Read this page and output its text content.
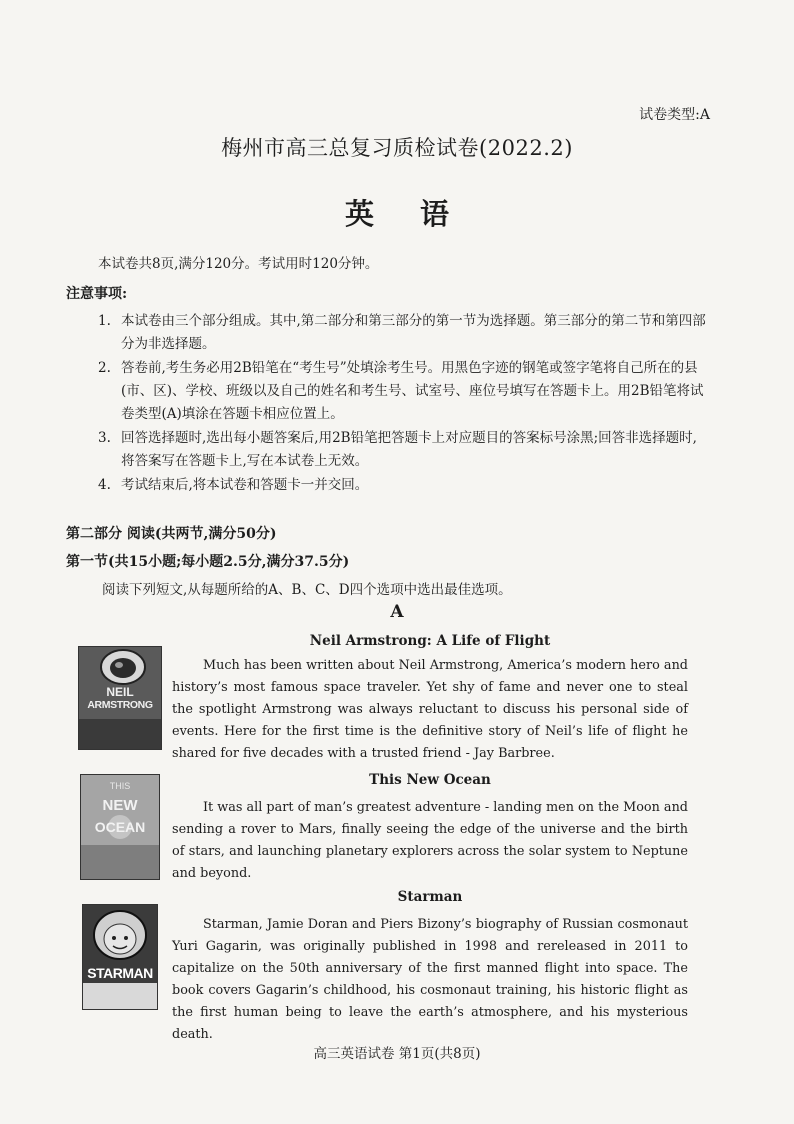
试卷类型:A
梅州市高三总复习质检试卷(2022.2)
英语
本试卷共8页,满分120分。考试用时120分钟。
注意事项:
1. 本试卷由三个部分组成。其中,第二部分和第三部分的第一节为选择题。第三部分的第二节和第四部分为非选择题。
2. 答卷前,考生务必用2B铅笔在“考生号”处填涂考生号。用黑色字迹的钢笔或签字笔将自己所在的县(市、区)、学校、班级以及自己的姓名和考生号、试室号、座位号填写在答题卡上。用2B铅笔将试卷类型(A)填涂在答题卡相应位置上。
3. 回答选择题时,选出每小题答案后,用2B铅笔把答题卡上对应题目的答案标号涂黑;回答非选择题时,将答案写在答题卡上,写在本试卷上无效。
4. 考试结束后,将本试卷和答题卡一并交回。
第二部分 阅读(共两节,满分50分)
第一节(共15小题;每小题2.5分,满分37.5分)
阅读下列短文,从每题所给的A、B、C、D四个选项中选出最佳选项。
A
NEIL
ARMSTRONG
Neil Armstrong: A Life of Flight

Much has been written about Neil Armstrong, America’s modern hero and history’s most famous space traveler. Yet shy of fame and never one to steal the spotlight Armstrong was always reluctant to discuss his personal side of events. Here for the first time is the definitive story of Neil’s life of flight he shared for five decades with a trusted friend - Jay Barbree.

THIS
NEW
OCEAN
This New Ocean

It was all part of man’s greatest adventure - landing men on the Moon and sending a rover to Mars, finally seeing the edge of the universe and the birth of stars, and launching planetary explorers across the solar system to Neptune and beyond.

STARMAN
Starman

Starman, Jamie Doran and Piers Bizony’s biography of Russian cosmonaut Yuri Gagarin, was originally published in 1998 and rereleased in 2011 to capitalize on the 50th anniversary of the first manned flight into space. The book covers Gagarin’s childhood, his cosmonaut training, his historic flight as the first human being to leave the earth’s atmosphere, and his mysterious death.

高三英语试卷 第1页(共8页)
